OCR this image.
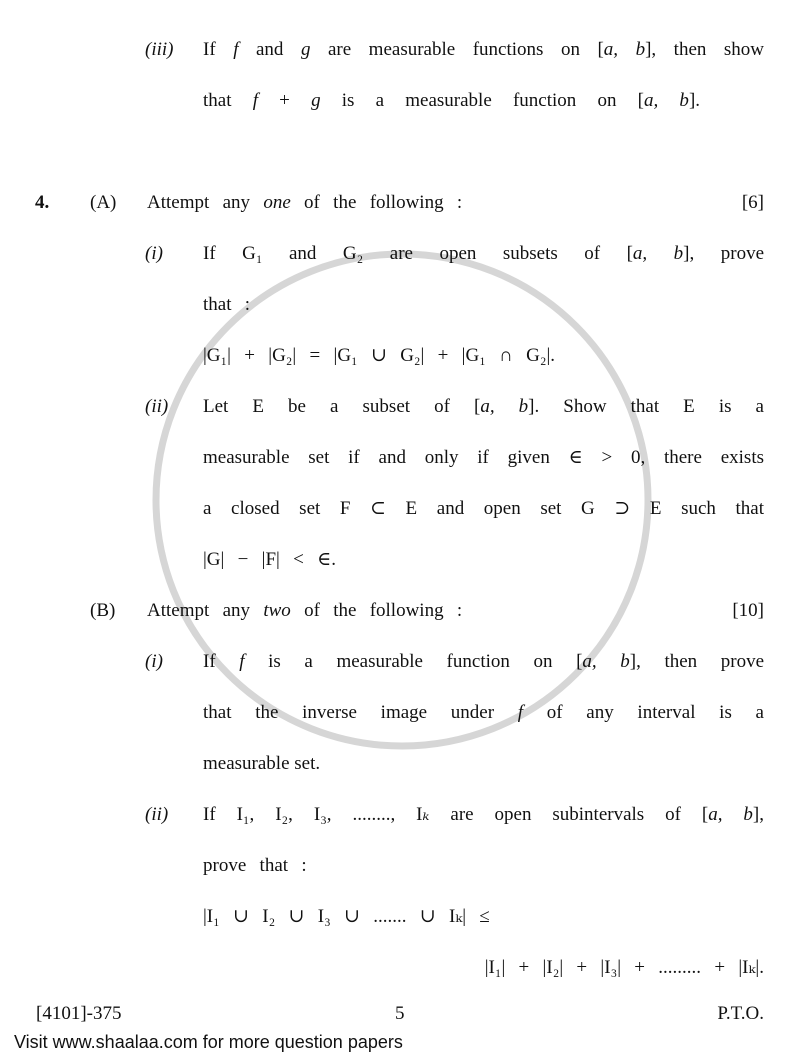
(iii) If f and g are measurable functions on [a, b], then show
that f + g is a measurable function on [a, b].
4. (A) Attempt any one of the following :	[6]
(i) If G₁ and G₂ are open subsets of [a, b], prove
that :
|G₁| + |G₂| = |G₁ ∪ G₂| + |G₁ ∩ G₂|.
(ii) Let E be a subset of [a, b]. Show that E is a
measurable set if and only if given ∈ > 0, there exists
a closed set F ⊂ E and open set G ⊃ E such that
|G| − |F| < ∈.
(B) Attempt any two of the following :	[10]
(i) If f is a measurable function on [a, b], then prove
that the inverse image under f of any interval is a
measurable set.
(ii) If I₁, I₂, I₃, ........, Iₖ are open subintervals of [a, b],
prove that :
|I₁ ∪ I₂ ∪ I₃ ∪ ....... ∪ Iₖ| ≤
|I₁| + |I₂| + |I₃| + ......... + |Iₖ|.
[4101]-375	5	P.T.O.
Visit www.shaalaa.com for more question papers
